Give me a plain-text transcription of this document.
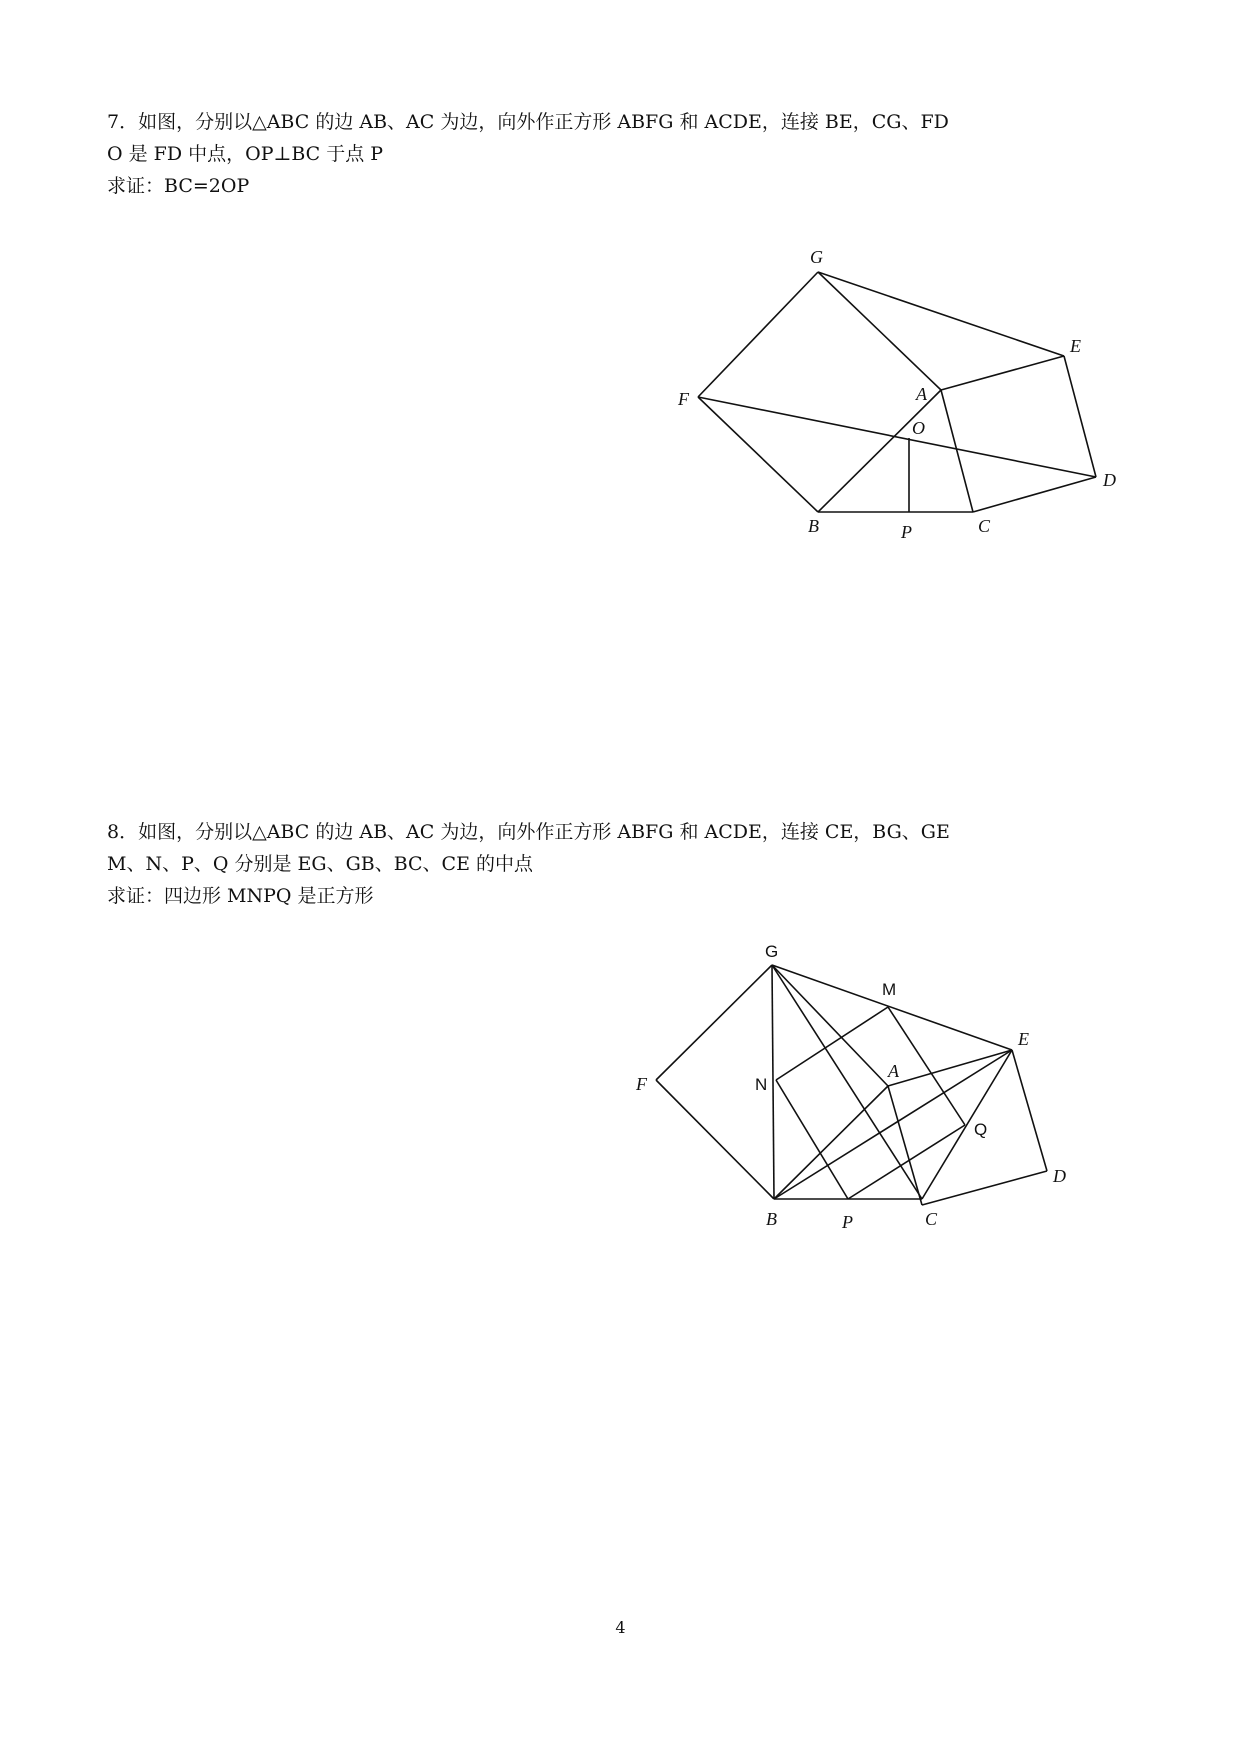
7．如图，分别以△ABC 的边 AB、AC 为边，向外作正方形 ABFG 和 ACDE，连接 BE，CG、FD
O 是 FD 中点，OP⊥BC 于点 P
求证：BC=2OP
G
E
F	A
O
D
B	P	C
8．如图，分别以△ABC 的边 AB、AC 为边，向外作正方形 ABFG 和 ACDE，连接 CE，BG、GE
M、N、P、Q 分别是 EG、GB、BC、CE 的中点
求证：四边形 MNPQ 是正方形
G
M
E
A
N
F
Q
D
B	P	C
4
